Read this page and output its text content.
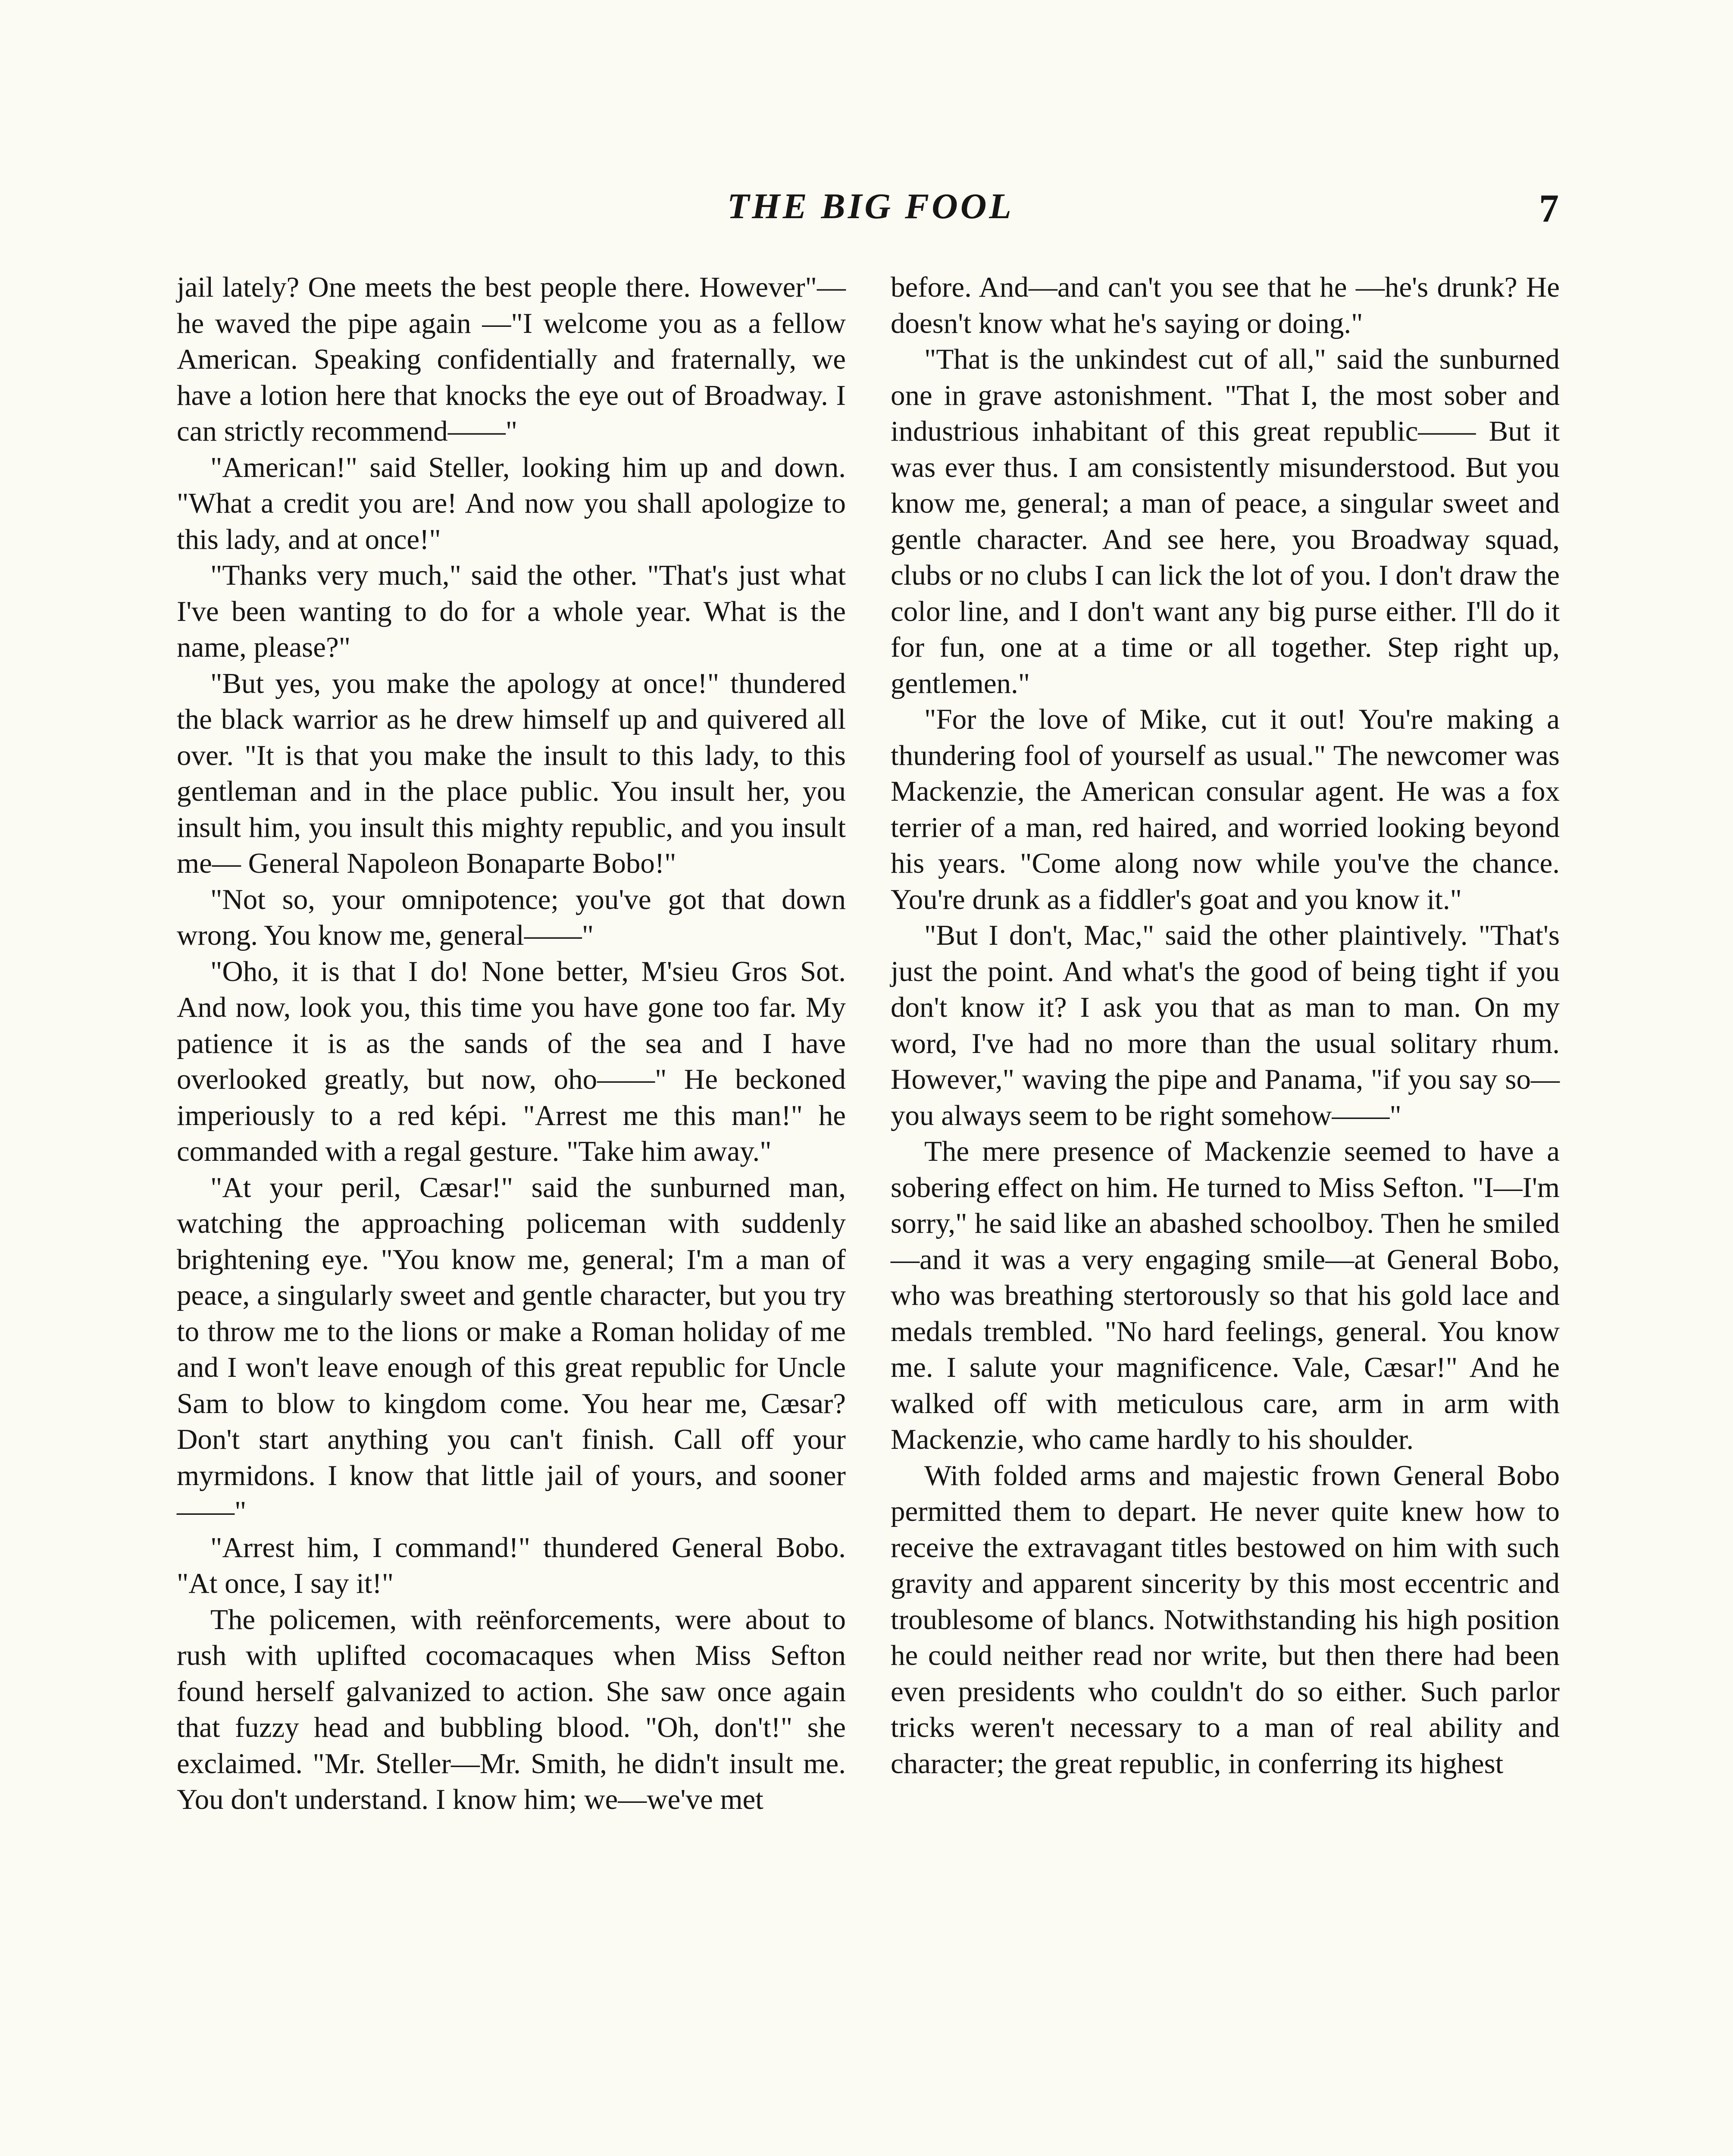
THE BIG FOOL	7

jail lately? One meets the best people there. However"—he waved the pipe again —"I welcome you as a fellow American. Speaking confidentially and fraternally, we have a lotion here that knocks the eye out of Broadway. I can strictly recommend——"

"American!" said Steller, looking him up and down. "What a credit you are! And now you shall apologize to this lady, and at once!"

"Thanks very much," said the other. "That's just what I've been wanting to do for a whole year. What is the name, please?"

"But yes, you make the apology at once!" thundered the black warrior as he drew himself up and quivered all over. "It is that you make the insult to this lady, to this gentleman and in the place public. You insult her, you insult him, you insult this mighty republic, and you insult me— General Napoleon Bonaparte Bobo!"

"Not so, your omnipotence; you've got that down wrong. You know me, general——"

"Oho, it is that I do! None better, M'sieu Gros Sot. And now, look you, this time you have gone too far. My patience it is as the sands of the sea and I have overlooked greatly, but now, oho——" He beckoned imperiously to a red képi. "Arrest me this man!" he commanded with a regal gesture. "Take him away."

"At your peril, Cæsar!" said the sunburned man, watching the approaching policeman with suddenly brightening eye. "You know me, general; I'm a man of peace, a singularly sweet and gentle character, but you try to throw me to the lions or make a Roman holiday of me and I won't leave enough of this great republic for Uncle Sam to blow to kingdom come. You hear me, Cæsar? Don't start anything you can't finish. Call off your myrmidons. I know that little jail of yours, and sooner——"

"Arrest him, I command!" thundered General Bobo. "At once, I say it!"

The policemen, with reënforcements, were about to rush with uplifted cocomacaques when Miss Sefton found herself galvanized to action. She saw once again that fuzzy head and bubbling blood. "Oh, don't!" she exclaimed. "Mr. Steller—Mr. Smith, he didn't insult me. You don't understand. I know him; we—we've met

before. And—and can't you see that he —he's drunk? He doesn't know what he's saying or doing."

"That is the unkindest cut of all," said the sunburned one in grave astonishment. "That I, the most sober and industrious inhabitant of this great republic—— But it was ever thus. I am consistently misunderstood. But you know me, general; a man of peace, a singular sweet and gentle character. And see here, you Broadway squad, clubs or no clubs I can lick the lot of you. I don't draw the color line, and I don't want any big purse either. I'll do it for fun, one at a time or all together. Step right up, gentlemen."

"For the love of Mike, cut it out! You're making a thundering fool of yourself as usual." The newcomer was Mackenzie, the American consular agent. He was a fox terrier of a man, red haired, and worried looking beyond his years. "Come along now while you've the chance. You're drunk as a fiddler's goat and you know it."

"But I don't, Mac," said the other plaintively. "That's just the point. And what's the good of being tight if you don't know it? I ask you that as man to man. On my word, I've had no more than the usual solitary rhum. However," waving the pipe and Panama, "if you say so—you always seem to be right somehow——"

The mere presence of Mackenzie seemed to have a sobering effect on him. He turned to Miss Sefton. "I—I'm sorry," he said like an abashed schoolboy. Then he smiled —and it was a very engaging smile—at General Bobo, who was breathing stertorously so that his gold lace and medals trembled. "No hard feelings, general. You know me. I salute your magnificence. Vale, Cæsar!" And he walked off with meticulous care, arm in arm with Mackenzie, who came hardly to his shoulder.

With folded arms and majestic frown General Bobo permitted them to depart. He never quite knew how to receive the extravagant titles bestowed on him with such gravity and apparent sincerity by this most eccentric and troublesome of blancs. Notwithstanding his high position he could neither read nor write, but then there had been even presidents who couldn't do so either. Such parlor tricks weren't necessary to a man of real ability and character; the great republic, in conferring its highest
